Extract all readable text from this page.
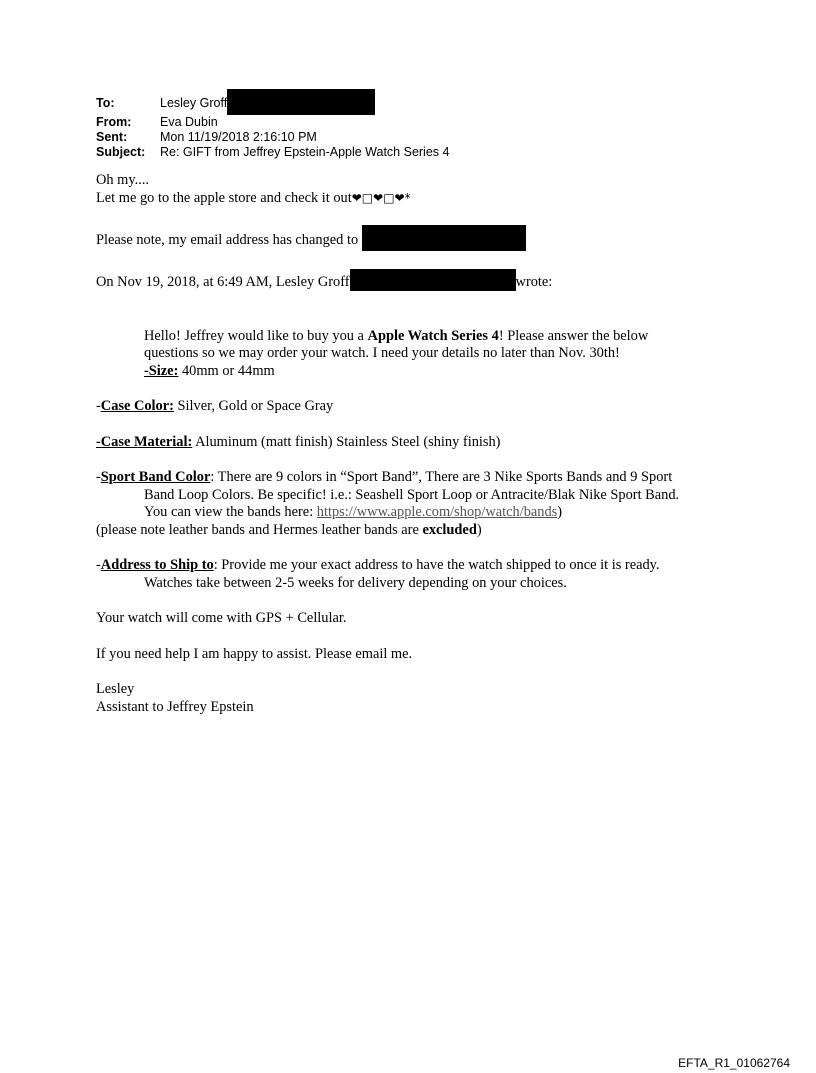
To:	Lesley Groff
From:	Eva Dubin
Sent:	Mon 11/19/2018 2:16:10 PM
Subject:	Re: GIFT from Jeffrey Epstein-Apple Watch Series 4

Oh my....

Let me go to the apple store and check it out❤□❤□❤*

Please note, my email address has changed to

On Nov 19, 2018, at 6:49 AM, Lesley Groff	wrote:

Hello! Jeffrey would like to buy you a Apple Watch Series 4! Please answer the below questions so we may order your watch. I need your details no later than Nov. 30th!

-Size: 40mm or 44mm

-Case Color: Silver, Gold or Space Gray

-Case Material: Aluminum (matt finish) Stainless Steel (shiny finish)

-Sport Band Color: There are 9 colors in “Sport Band”, There are 3 Nike Sports Bands and 9 Sport Band Loop Colors. Be specific! i.e.: Seashell Sport Loop or Antracite/Blak Nike Sport Band. You can view the bands here: https://www.apple.com/shop/watch/bands)

(please note leather bands and Hermes leather bands are excluded)

-Address to Ship to: Provide me your exact address to have the watch shipped to once it is ready. Watches take between 2-5 weeks for delivery depending on your choices.

Your watch will come with GPS + Cellular.

If you need help I am happy to assist. Please email me.

Lesley

Assistant to Jeffrey Epstein

EFTA_R1_01062764
